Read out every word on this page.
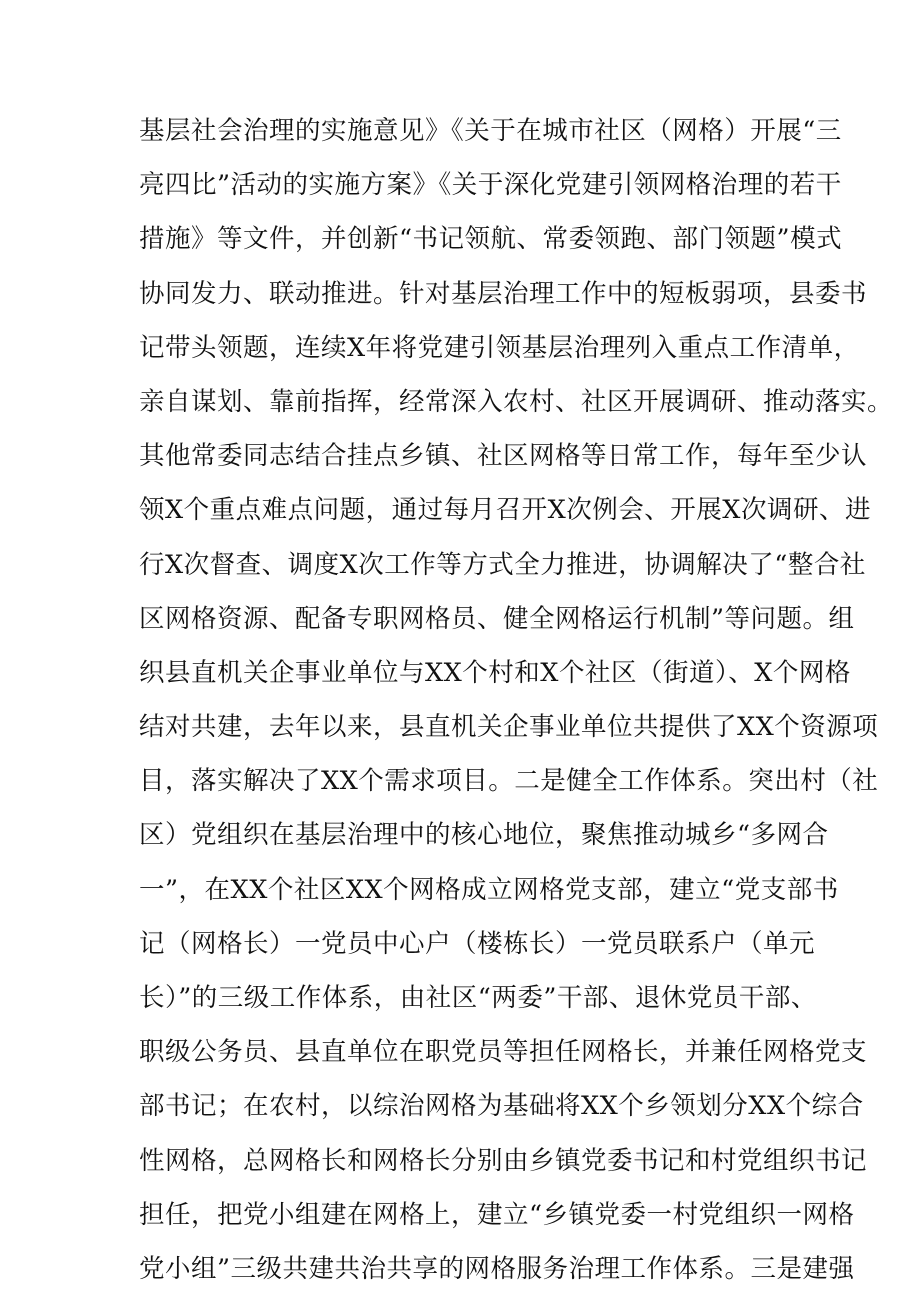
基层社会治理的实施意见》《关于在城市社区（网格）开展“三
亮四比”活动的实施方案》《关于深化党建引领网格治理的若干
措施》等文件，并创新“书记领航、常委领跑、部门领题”模式
协同发力、联动推进。针对基层治理工作中的短板弱项，县委书
记带头领题，连续X年将党建引领基层治理列入重点工作清单，
亲自谋划、靠前指挥，经常深入农村、社区开展调研、推动落实。
其他常委同志结合挂点乡镇、社区网格等日常工作，每年至少认
领X个重点难点问题，通过每月召开X次例会、开展X次调研、进
行X次督查、调度X次工作等方式全力推进，协调解决了“整合社
区网格资源、配备专职网格员、健全网格运行机制”等问题。组
织县直机关企事业单位与XX个村和X个社区（街道）、X个网格
结对共建，去年以来，县直机关企事业单位共提供了XX个资源项
目，落实解决了XX个需求项目。二是健全工作体系。突出村（社
区）党组织在基层治理中的核心地位，聚焦推动城乡“多网合
一”，在XX个社区XX个网格成立网格党支部，建立“党支部书
记（网格长）一党员中心户（楼栋长）一党员联系户（单元
长）”的三级工作体系，由社区“两委”干部、退休党员干部、
职级公务员、县直单位在职党员等担任网格长，并兼任网格党支
部书记；在农村，以综治网格为基础将XX个乡领划分XX个综合
性网格，总网格长和网格长分别由乡镇党委书记和村党组织书记
担任，把党小组建在网格上，建立“乡镇党委一村党组织一网格
党小组”三级共建共治共享的网格服务治理工作体系。三是建强
